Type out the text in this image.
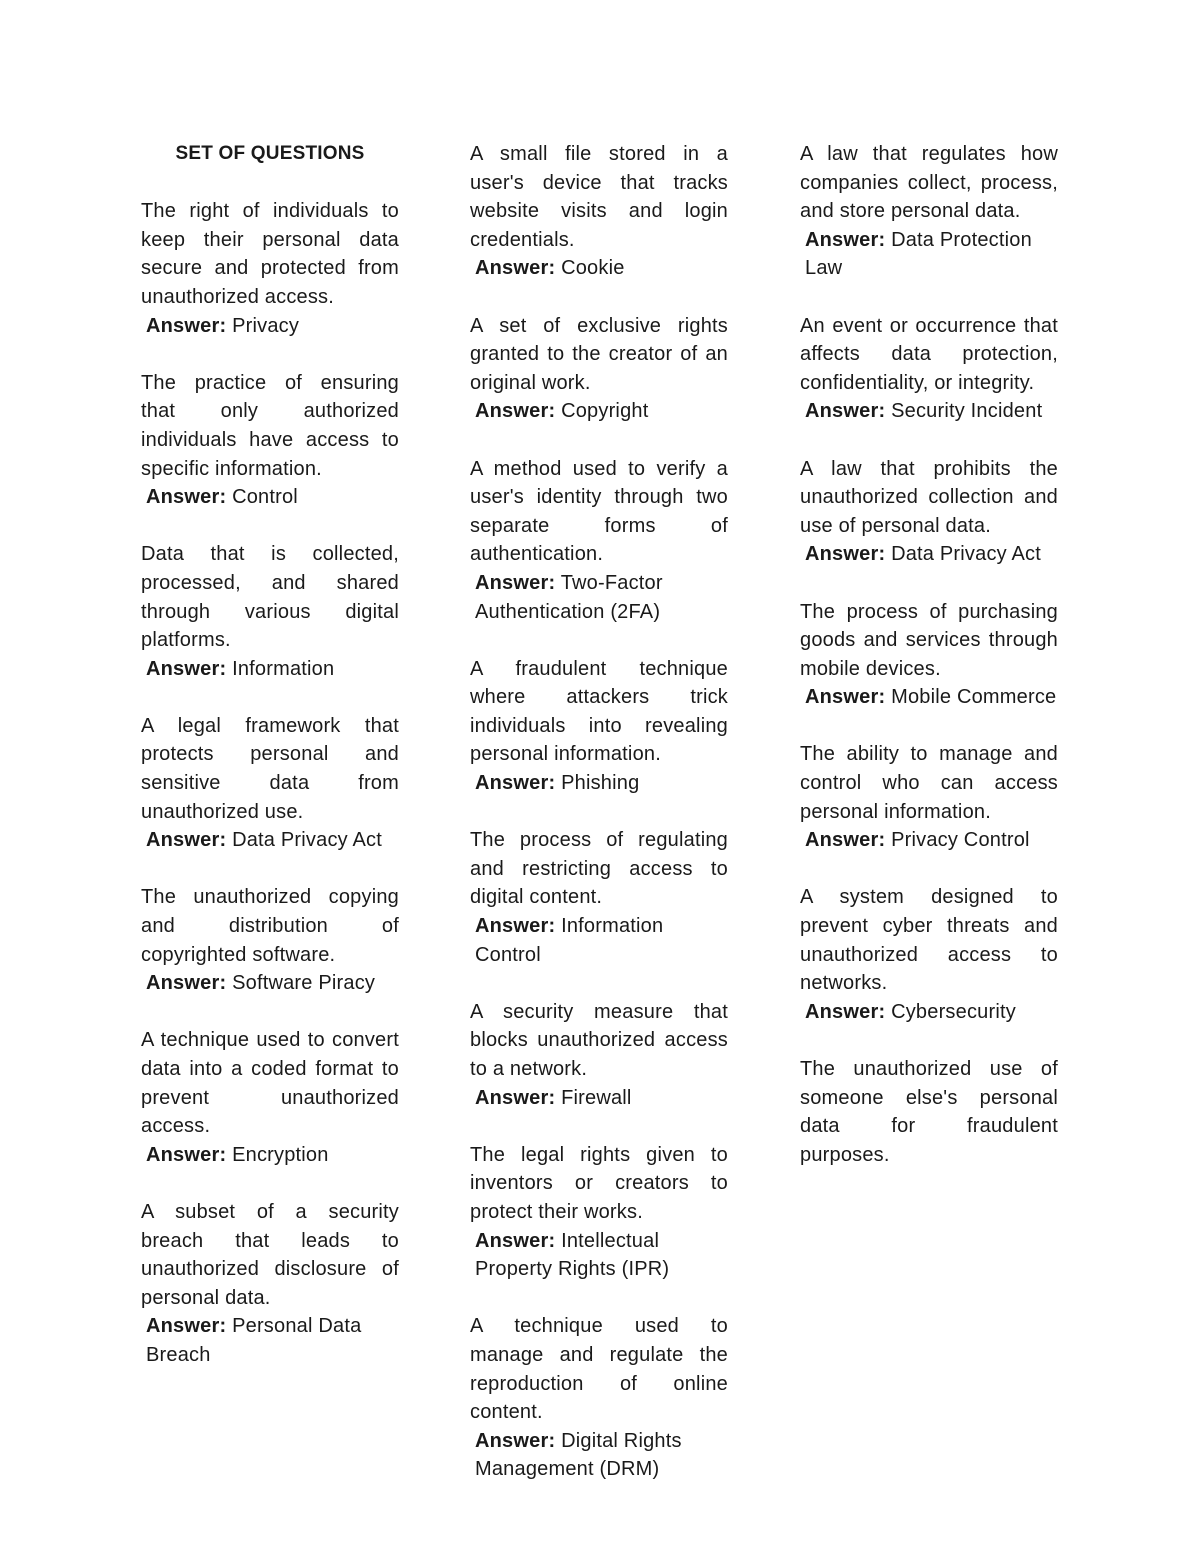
SET OF QUESTIONS

The right of individuals to keep their personal data secure and protected from unauthorized access.

Answer: Privacy

The practice of ensuring that only authorized individuals have access to specific information.

Answer: Control

Data that is collected, processed, and shared through various digital platforms.

Answer: Information

A legal framework that protects personal and sensitive data from unauthorized use.

Answer: Data Privacy Act

The unauthorized copying and distribution of copyrighted software.

Answer: Software Piracy

A technique used to convert data into a coded format to prevent unauthorized access.

Answer: Encryption

A subset of a security breach that leads to unauthorized disclosure of personal data.

Answer: Personal Data Breach

A small file stored in a user's device that tracks website visits and login credentials.

Answer: Cookie

A set of exclusive rights granted to the creator of an original work.

Answer: Copyright

A method used to verify a user's identity through two separate forms of authentication.

Answer: Two-Factor Authentication (2FA)

A fraudulent technique where attackers trick individuals into revealing personal information.

Answer: Phishing

The process of regulating and restricting access to digital content.

Answer: Information Control

A security measure that blocks unauthorized access to a network.

Answer: Firewall

The legal rights given to inventors or creators to protect their works.

Answer: Intellectual Property Rights (IPR)

A technique used to manage and regulate the reproduction of online content.

Answer: Digital Rights Management (DRM)

A law that regulates how companies collect, process, and store personal data.

Answer: Data Protection Law

An event or occurrence that affects data protection, confidentiality, or integrity.

Answer: Security Incident

A law that prohibits the unauthorized collection and use of personal data.

Answer: Data Privacy Act

The process of purchasing goods and services through mobile devices.

Answer: Mobile Commerce

The ability to manage and control who can access personal information.

Answer: Privacy Control

A system designed to prevent cyber threats and unauthorized access to networks.

Answer: Cybersecurity

The unauthorized use of someone else's personal data for fraudulent purposes.
